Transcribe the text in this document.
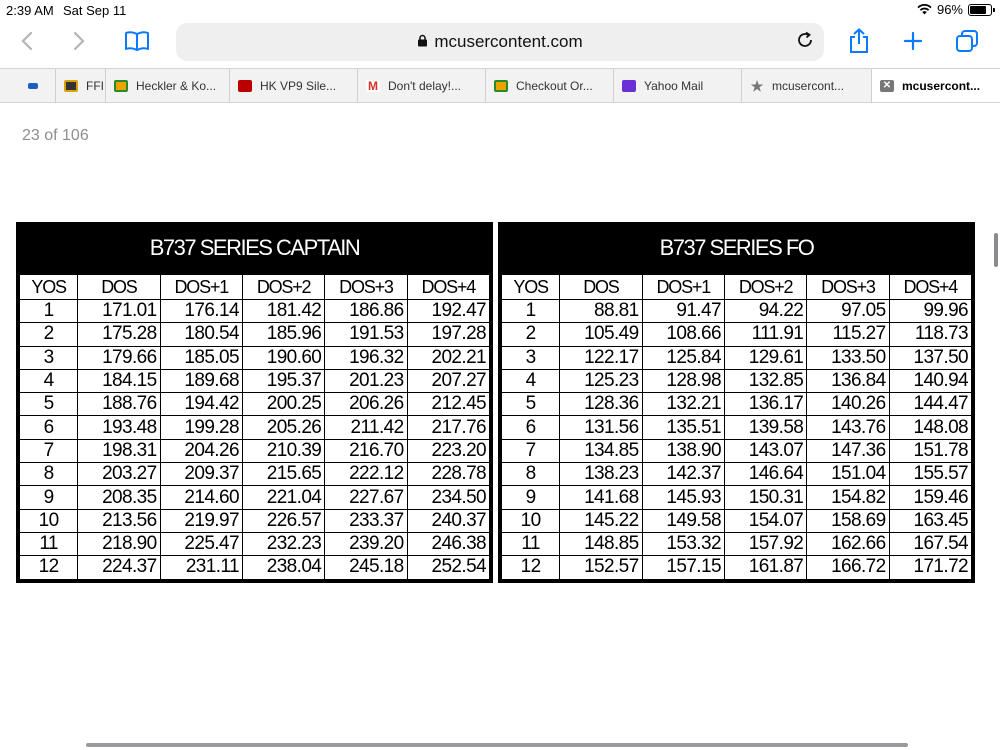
2:39 AM Sat Sep 11	96%
mcusercontent.com
FFI	Heckler & Ko...	HK VP9 Sile...	M Don't delay!...	Checkout Or...	Yahoo Mail	★ mcusercont...	✕ mcusercont...
23 of 106
B737 SERIES CAPTAIN
YOS	DOS	DOS+1	DOS+2	DOS+3	DOS+4
1	171.01	176.14	181.42	186.86	192.47
2	175.28	180.54	185.96	191.53	197.28
3	179.66	185.05	190.60	196.32	202.21
4	184.15	189.68	195.37	201.23	207.27
5	188.76	194.42	200.25	206.26	212.45
6	193.48	199.28	205.26	211.42	217.76
7	198.31	204.26	210.39	216.70	223.20
8	203.27	209.37	215.65	222.12	228.78
9	208.35	214.60	221.04	227.67	234.50
10	213.56	219.97	226.57	233.37	240.37
11	218.90	225.47	232.23	239.20	246.38
12	224.37	231.11	238.04	245.18	252.54
B737 SERIES FO
YOS	DOS	DOS+1	DOS+2	DOS+3	DOS+4
1	88.81	91.47	94.22	97.05	99.96
2	105.49	108.66	111.91	115.27	118.73
3	122.17	125.84	129.61	133.50	137.50
4	125.23	128.98	132.85	136.84	140.94
5	128.36	132.21	136.17	140.26	144.47
6	131.56	135.51	139.58	143.76	148.08
7	134.85	138.90	143.07	147.36	151.78
8	138.23	142.37	146.64	151.04	155.57
9	141.68	145.93	150.31	154.82	159.46
10	145.22	149.58	154.07	158.69	163.45
11	148.85	153.32	157.92	162.66	167.54
12	152.57	157.15	161.87	166.72	171.72
